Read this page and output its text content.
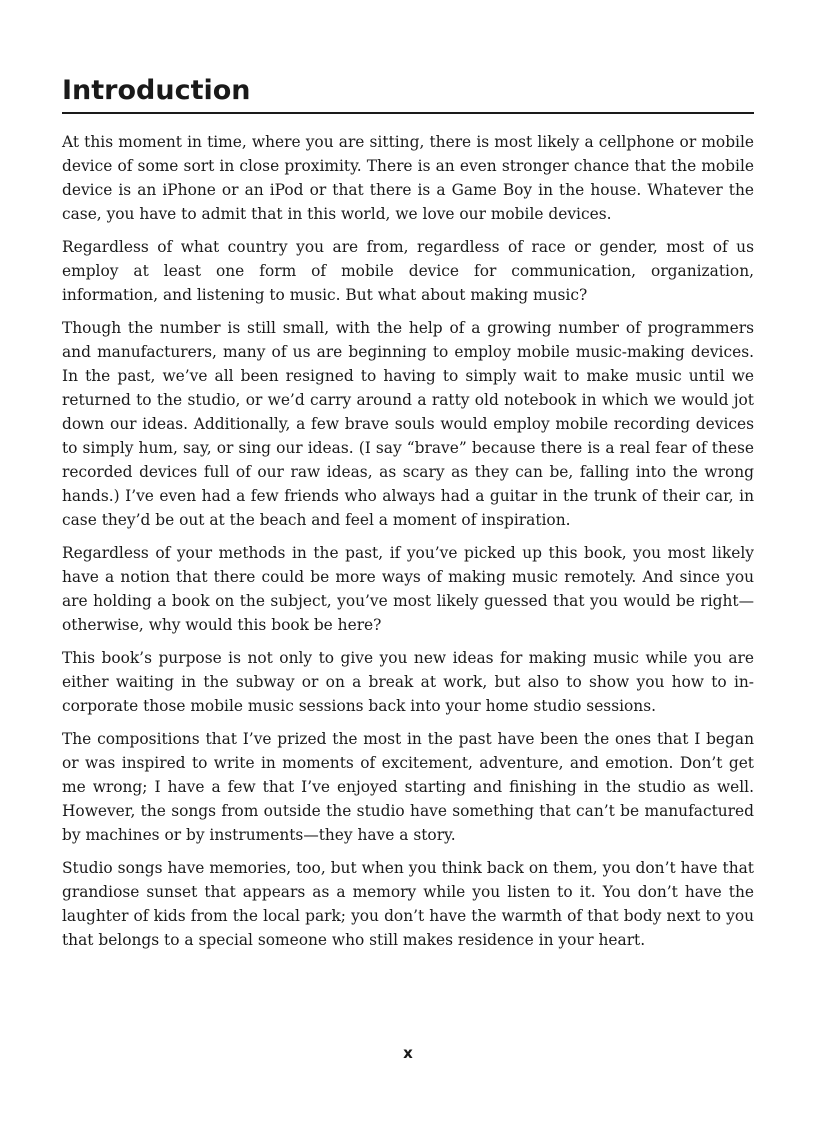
Introduction

At this moment in time, where you are sitting, there is most likely a cellphone or mobile device of some sort in close proximity. There is an even stronger chance that the mobile device is an iPhone or an iPod or that there is a Game Boy in the house. Whatever the case, you have to admit that in this world, we love our mobile devices.

Regardless of what country you are from, regardless of race or gender, most of us employ at least one form of mobile device for communication, organization, information, and listening to music. But what about making music?

Though the number is still small, with the help of a growing number of programmers and manufacturers, many of us are beginning to employ mobile music-making devices. In the past, we’ve all been resigned to having to simply wait to make music until we returned to the studio, or we’d carry around a ratty old notebook in which we would jot down our ideas. Additionally, a few brave souls would employ mobile recording devices to simply hum, say, or sing our ideas. (I say “brave” because there is a real fear of these recorded devices full of our raw ideas, as scary as they can be, falling into the wrong hands.) I’ve even had a few friends who always had a guitar in the trunk of their car, in case they’d be out at the beach and feel a moment of inspiration.

Regardless of your methods in the past, if you’ve picked up this book, you most likely have a notion that there could be more ways of making music remotely. And since you are holding a book on the subject, you’ve most likely guessed that you would be right—otherwise, why would this book be here?

This book’s purpose is not only to give you new ideas for making music while you are either waiting in the subway or on a break at work, but also to show you how to incorporate those mobile music sessions back into your home studio sessions.

The compositions that I’ve prized the most in the past have been the ones that I began or was inspired to write in moments of excitement, adventure, and emotion. Don’t get me wrong; I have a few that I’ve enjoyed starting and finishing in the studio as well. However, the songs from outside the studio have something that can’t be manufactured by machines or by instruments—they have a story.

Studio songs have memories, too, but when you think back on them, you don’t have that grandiose sunset that appears as a memory while you listen to it. You don’t have the laughter of kids from the local park; you don’t have the warmth of that body next to you that belongs to a special someone who still makes residence in your heart.

x
